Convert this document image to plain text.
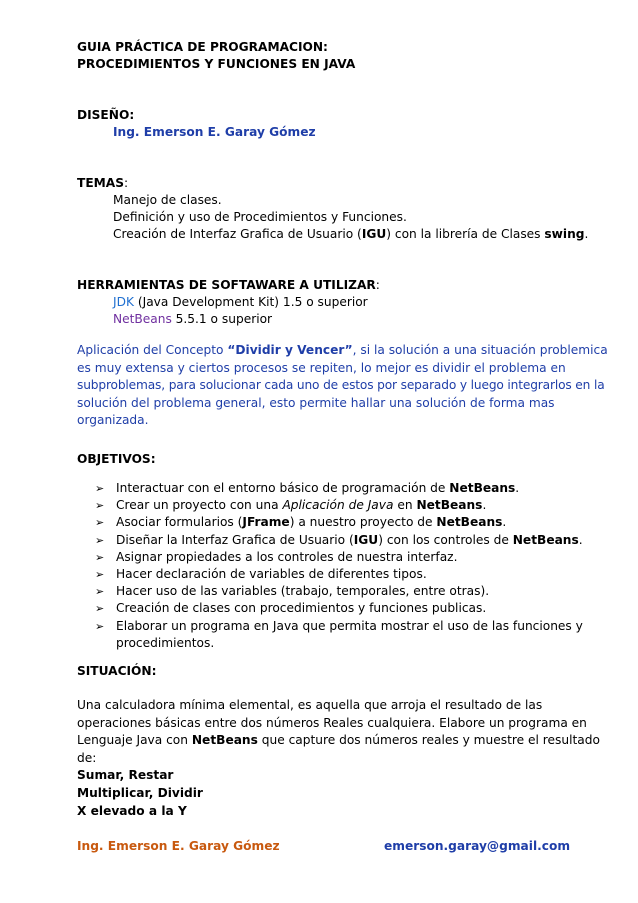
GUIA PRÁCTICA DE PROGRAMACION:
PROCEDIMIENTOS Y FUNCIONES EN JAVA
DISEÑO:
Ing. Emerson E. Garay Gómez
TEMAS:
Manejo de clases.
Definición y uso de Procedimientos y Funciones.
Creación de Interfaz Grafica de Usuario (IGU) con la librería de Clases swing.
HERRAMIENTAS DE SOFTAWARE A UTILIZAR:
JDK (Java Development Kit) 1.5 o superior
NetBeans 5.5.1 o superior
Aplicación del Concepto “Dividir y Vencer”, si la solución a una situación problemica
es muy extensa y ciertos procesos se repiten, lo mejor es dividir el problema en
subproblemas, para solucionar cada uno de estos por separado y luego integrarlos en la
solución del problema general, esto permite hallar una solución de forma mas
organizada.
OBJETIVOS:
➢ Interactuar con el entorno básico de programación de NetBeans.
➢ Crear un proyecto con una Aplicación de Java en NetBeans.
➢ Asociar formularios (JFrame) a nuestro proyecto de NetBeans.
➢ Diseñar la Interfaz Grafica de Usuario (IGU) con los controles de NetBeans.
➢ Asignar propiedades a los controles de nuestra interfaz.
➢ Hacer declaración de variables de diferentes tipos.
➢ Hacer uso de las variables (trabajo, temporales, entre otras).
➢ Creación de clases con procedimientos y funciones publicas.
➢ Elaborar un programa en Java que permita mostrar el uso de las funciones y
procedimientos.
SITUACIÓN:
Una calculadora mínima elemental, es aquella que arroja el resultado de las
operaciones básicas entre dos números Reales cualquiera. Elabore un programa en
Lenguaje Java con NetBeans que capture dos números reales y muestre el resultado
de:
Sumar, Restar
Multiplicar, Dividir
X elevado a la Y
Ing. Emerson E. Garay Gómez	emerson.garay@gmail.com
